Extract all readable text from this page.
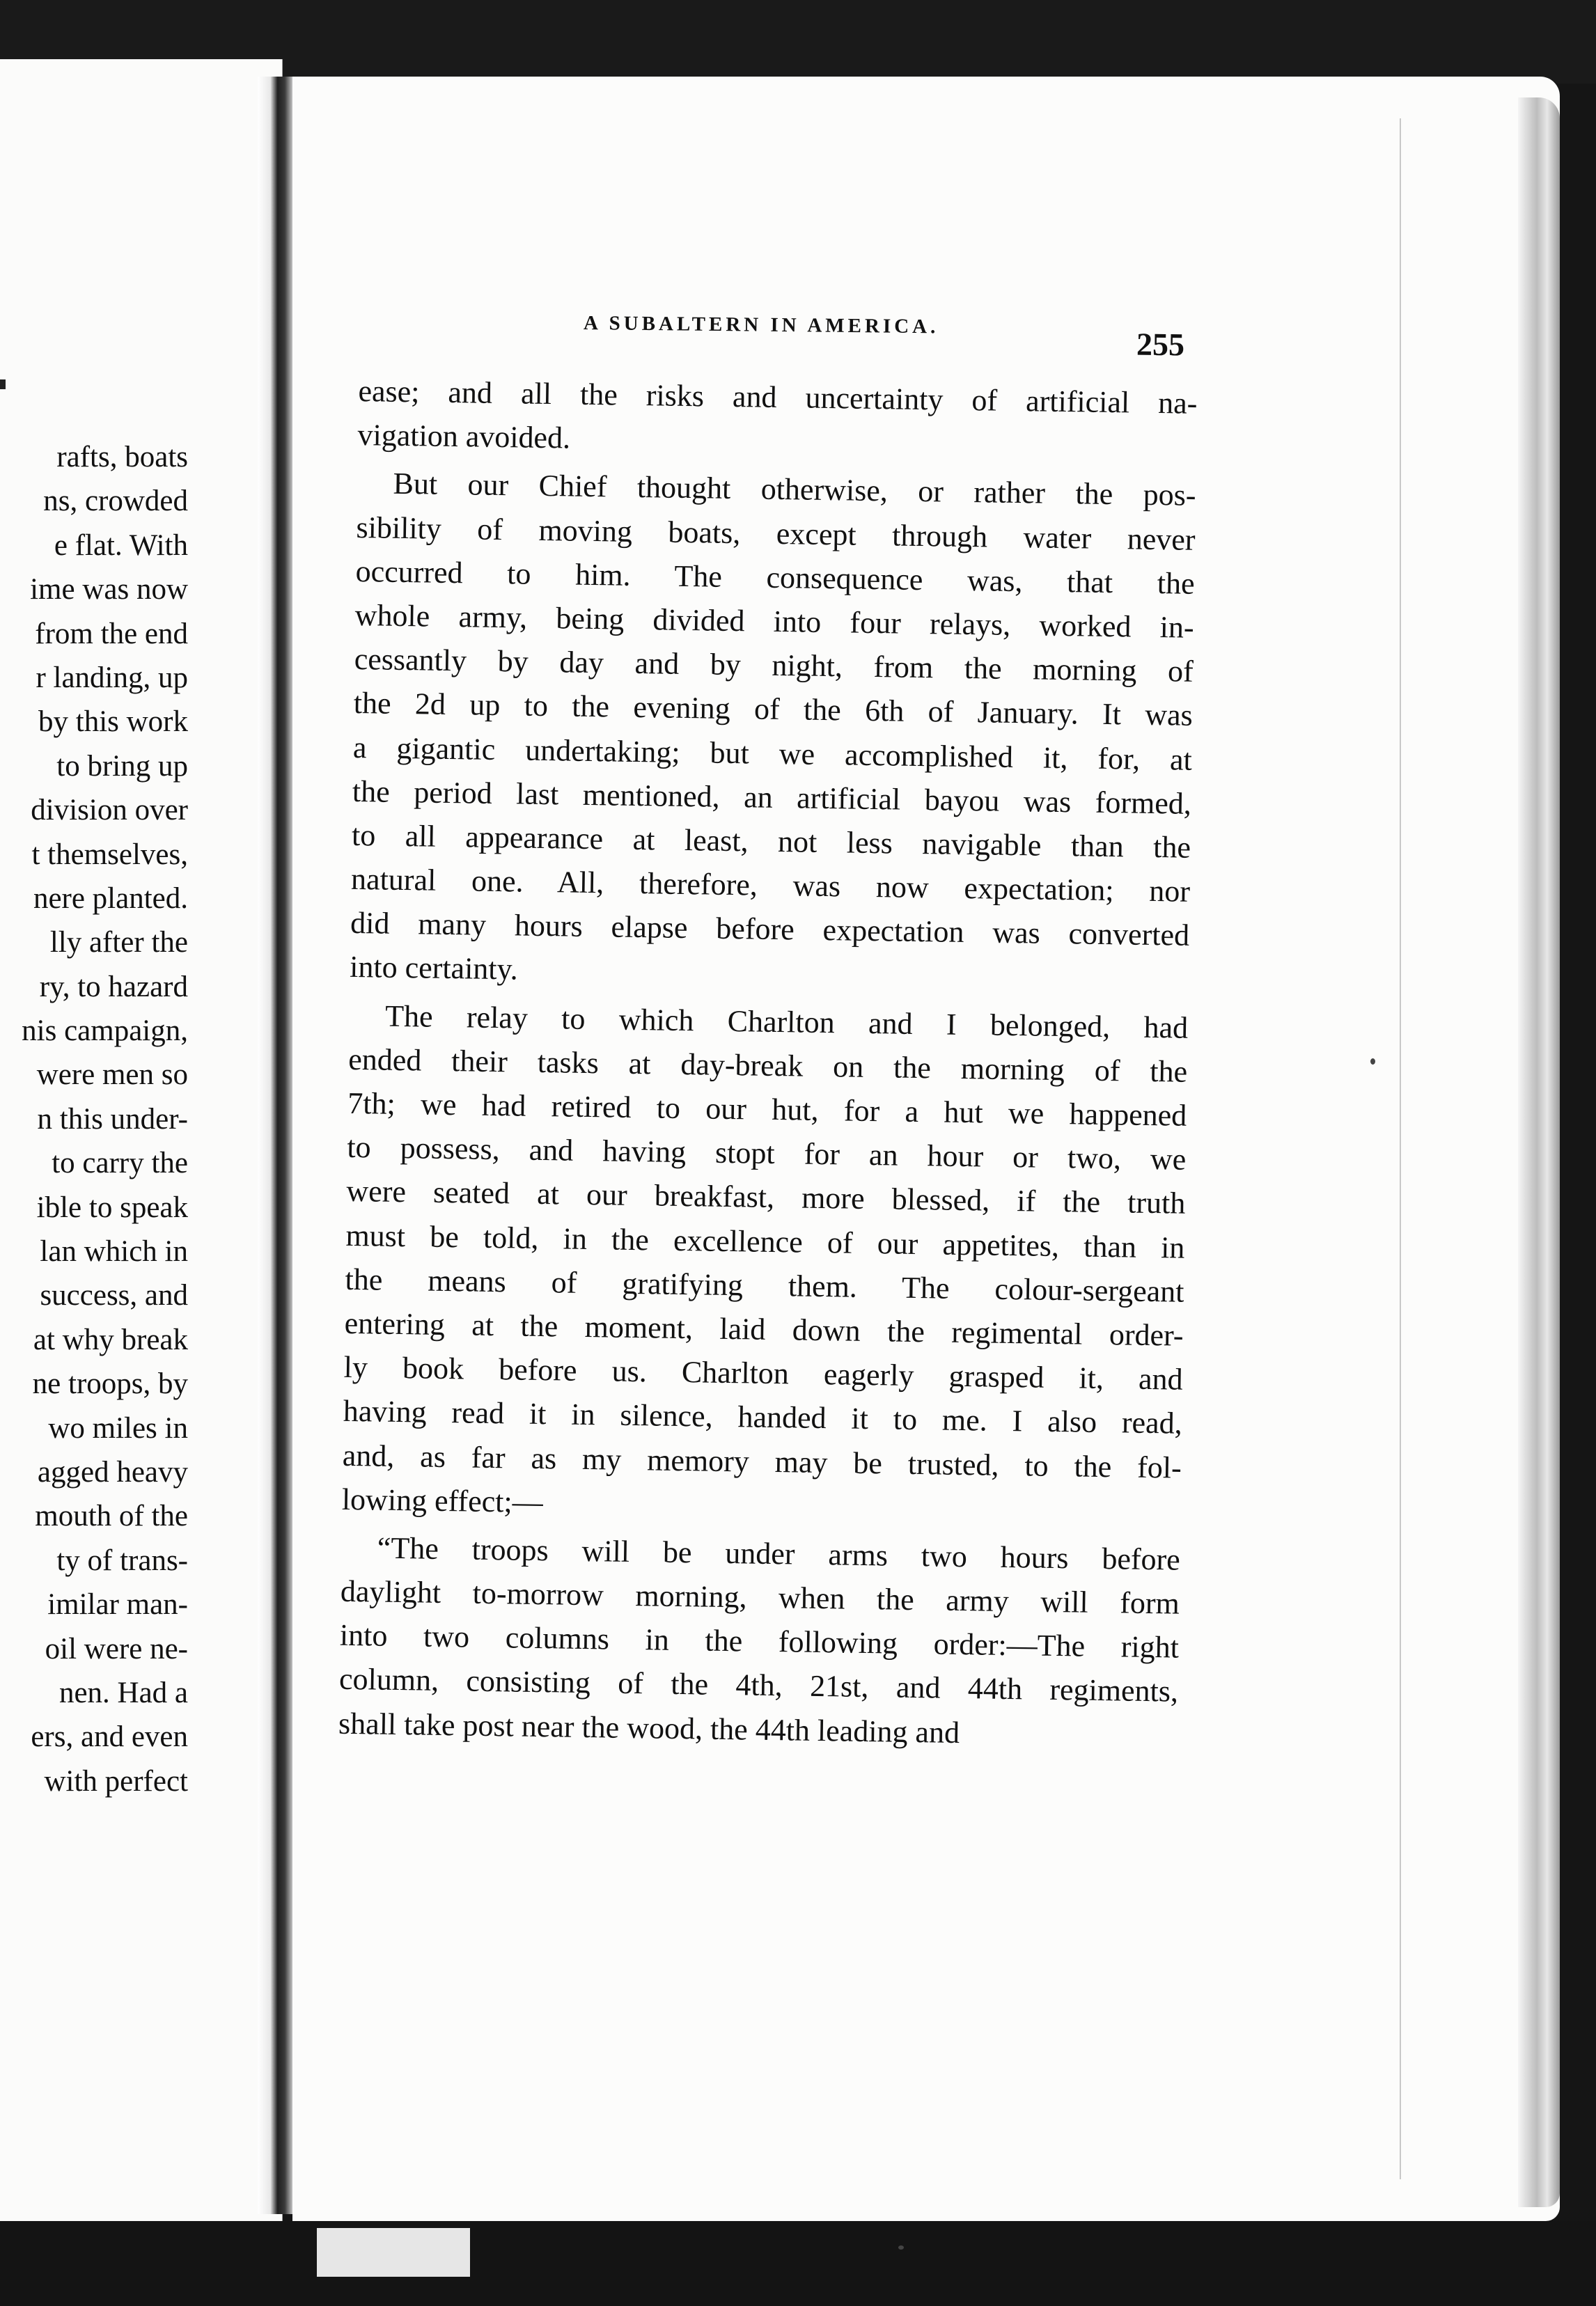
rafts, boats
ns, crowded
e flat. With
ime was now
from the end
r landing, up
by this work
to bring up
division over
t themselves,
nere planted.
lly after the
ry, to hazard
nis campaign,
were men so
n this under-
to carry the
ible to speak
lan which in
success, and
at why break
ne troops, by
wo miles in
agged heavy
mouth of the
ty of trans-
imilar man-
oil were ne-
nen. Had a
ers, and even
with perfect
A SUBALTERN IN AMERICA.
255
ease; and all the risks and uncertainty of artificial na-
vigation avoided.
But our Chief thought otherwise, or rather the pos-
sibility of moving boats, except through water never
occurred to him. The consequence was, that the
whole army, being divided into four relays, worked in-
cessantly by day and by night, from the morning of
the 2d up to the evening of the 6th of January. It was
a gigantic undertaking; but we accomplished it, for, at
the period last mentioned, an artificial bayou was formed,
to all appearance at least, not less navigable than the
natural one. All, therefore, was now expectation; nor
did many hours elapse before expectation was converted
into certainty.
The relay to which Charlton and I belonged, had
ended their tasks at day-break on the morning of the
7th; we had retired to our hut, for a hut we happened
to possess, and having stopt for an hour or two, we
were seated at our breakfast, more blessed, if the truth
must be told, in the excellence of our appetites, than in
the means of gratifying them. The colour-sergeant
entering at the moment, laid down the regimental order-
ly book before us. Charlton eagerly grasped it, and
having read it in silence, handed it to me. I also read,
and, as far as my memory may be trusted, to the fol-
lowing effect;—
“The troops will be under arms two hours before
daylight to-morrow morning, when the army will form
into two columns in the following order:—The right
column, consisting of the 4th, 21st, and 44th regiments,
shall take post near the wood, the 44th leading and
